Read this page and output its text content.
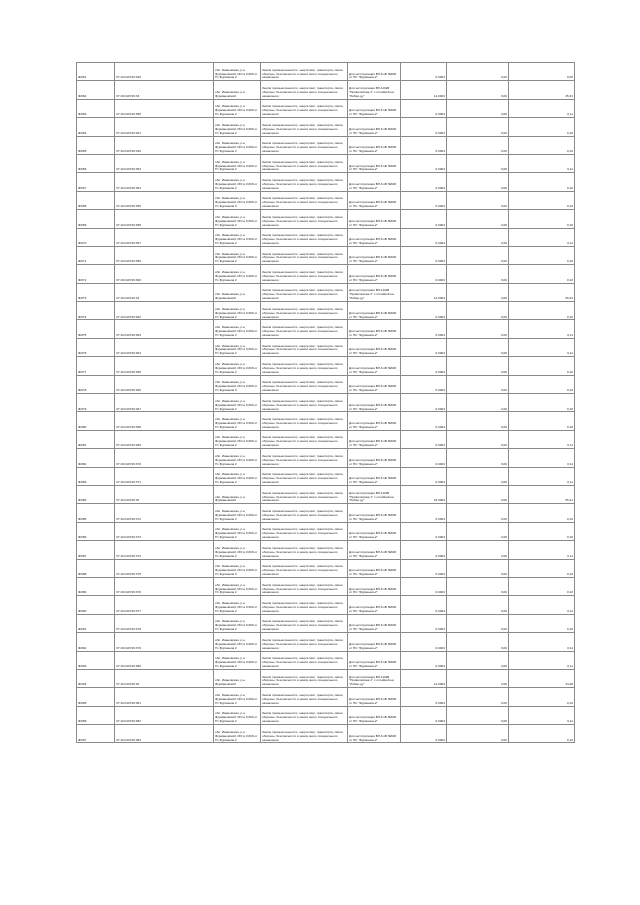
Ф/061	37:19:010726:349	обл. Ивановская, р-н Фурмановский, МО в 0,600 от ГС Фурманов 2	Земли промышленности, энергетики, транспорта, связи, обороны, безопасности и земли иного специального назначения	Для эксплуатации ВЛ-6 кВ №600 от ПС "Фурманов-2"	0,0004	2,00	0,00
Ф/062	37:19:010726:33	обл. Ивановская, р-н Фурмановский	Земли промышленности, энергетики, транспорта, связи, обороны, безопасности и земли иного специального назначения	Для эксплуатации ВЛ-110кВ "Приволжская-1" с отпайкой на "Либер-ду"	14,0004	0,00	35,31
Ф/063	37:19:010726:356	обл. Ивановская, р-н Фурмановский, МО в 0,600 от ГС Фурманов 2	Земли промышленности, энергетики, транспорта, связи, обороны, безопасности и земли иного специального назначения	Для эксплуатации ВЛ-6 кВ №600 от ПС "Фурманов-2"	0,0004	0,00	0,11
Ф/064	37:19:010726:361	обл. Ивановская, р-н Фурмановский, МО в 0,600 от ГС Фурманов 2	Земли промышленности, энергетики, транспорта, связи, обороны, безопасности и земли иного специального назначения	Для эксплуатации ВЛ-6 кВ №600 от ПС "Фурманов-2"	0,0004	0,00	0,10
Ф/065	37:19:010726:346	обл. Ивановская, р-н Фурмановский, МО в 0,600 от ГС Фурманов 2	Земли промышленности, энергетики, транспорта, связи, обороны, безопасности и земли иного специального назначения	Для эксплуатации ВЛ-6 кВ №600 от ПС "Фурманов-2"	0,0004	0,00	0,10
Ф/066	37:19:010726:353	обл. Ивановская, р-н Фурмановский, МО в 0,600 от ГС Фурманов 2	Земли промышленности, энергетики, транспорта, связи, обороны, безопасности и земли иного специального назначения	Для эксплуатации ВЛ-6 кВ №600 от ПС "Фурманов-2"	0,0004	0,00	0,11
Ф/067	37:19:010726:354	обл. Ивановская, р-н Фурмановский, МО в 0,600 от ГС Фурманов 2	Земли промышленности, энергетики, транспорта, связи, обороны, безопасности и земли иного специального назначения	Для эксплуатации ВЛ-6 кВ №600 от ПС "Фурманов-2"	0,0004	0,00	0,10
Ф/068	37:19:010726:355	обл. Ивановская, р-н Фурмановский, МО в 0,600 от ГС Фурманов 2	Земли промышленности, энергетики, транспорта, связи, обороны, безопасности и земли иного специального назначения	Для эксплуатации ВЛ-6 кВ №600 от ПС "Фурманов-2"	0,0004	0,00	0,10
Ф/069	37:19:010726:358	обл. Ивановская, р-н Фурмановский, МО в 0,600 от ГС Фурманов 2	Земли промышленности, энергетики, транспорта, связи, обороны, безопасности и земли иного специального назначения	Для эксплуатации ВЛ-6 кВ №600 от ПС "Фурманов-2"	0,0004	2,00	0,10
Ф/070	37:19:010726:357	обл. Ивановская, р-н Фурмановский, МО в 0,600 от ГС Фурманов 2	Земли промышленности, энергетики, транспорта, связи, обороны, безопасности и земли иного специального назначения	Для эксплуатации ВЛ-6 кВ №600 от ПС "Фурманов-2"	0,0004	2,00	0,11
Ф/071	37:19:010726:359	обл. Ивановская, р-н Фурмановский, МО в 0,600 от ГС Фурманов 2	Земли промышленности, энергетики, транспорта, связи, обороны, безопасности и земли иного специального назначения	Для эксплуатации ВЛ-6 кВ №600 от ПС "Фурманов-2"	0,0004	0,00	0,10
Ф/072	37:19:010726:360	обл. Ивановская, р-н Фурмановский, МО в 0,600 от ГС Фурманов 2	Земли промышленности, энергетики, транспорта, связи, обороны, безопасности и земли иного специального назначения	Для эксплуатации ВЛ-6 кВ №600 от ПС "Фурманов-2"	0,0004	0,00	0,10
Ф/073	37:19:010726:34	обл. Ивановская, р-н Фурмановский	Земли промышленности, энергетики, транспорта, связи, обороны, безопасности и земли иного специального назначения	Для эксплуатации ВЛ-110кВ "Приволжская-1" с отпайкой на "Либер-ду"	14,0004	0,00	36,34
Ф/074	37:19:010726:362	обл. Ивановская, р-н Фурмановский, МО в 0,600 от ГС Фурманов 2	Земли промышленности, энергетики, транспорта, связи, обороны, безопасности и земли иного специального назначения	Для эксплуатации ВЛ-6 кВ №600 от ПС "Фурманов-2"	0,0004	0,00	0,10
Ф/075	37:19:010726:363	обл. Ивановская, р-н Фурмановский, МО в 0,600 от ГС Фурманов 2	Земли промышленности, энергетики, транспорта, связи, обороны, безопасности и земли иного специального назначения	Для эксплуатации ВЛ-6 кВ №600 от ПС "Фурманов-2"	0,0004	0,00	0,11
Ф/076	37:19:010726:364	обл. Ивановская, р-н Фурмановский, МО в 0,600 от ГС Фурманов 2	Земли промышленности, энергетики, транспорта, связи, обороны, безопасности и земли иного специального назначения	Для эксплуатации ВЛ-6 кВ №600 от ПС "Фурманов-2"	0,0004	0,00	0,11
Ф/077	37:19:010726:365	обл. Ивановская, р-н Фурмановский, МО в 0,600 от ГС Фурманов 2	Земли промышленности, энергетики, транспорта, связи, обороны, безопасности и земли иного специального назначения	Для эксплуатации ВЛ-6 кВ №600 от ПС "Фурманов-2"	0,0004	0,00	0,10
Ф/078	37:19:010726:366	обл. Ивановская, р-н Фурмановский, МО в 0,600 от ГС Фурманов 2	Земли промышленности, энергетики, транспорта, связи, обороны, безопасности и земли иного специального назначения	Для эксплуатации ВЛ-6 кВ №600 от ПС "Фурманов-2"	0,0004	0,00	0,10
Ф/079	37:19:010726:367	обл. Ивановская, р-н Фурмановский, МО в 0,600 от ГС Фурманов 2	Земли промышленности, энергетики, транспорта, связи, обороны, безопасности и земли иного специального назначения	Для эксплуатации ВЛ-6 кВ №600 от ПС "Фурманов-2"	0,0004	2,00	0,10
Ф/080	37:19:010726:368	обл. Ивановская, р-н Фурмановский, МО в 0,600 от ГС Фурманов 2	Земли промышленности, энергетики, транспорта, связи, обороны, безопасности и земли иного специального назначения	Для эксплуатации ВЛ-6 кВ №600 от ПС "Фурманов-2"	0,0004	0,00	0,10
Ф/081	37:19:010726:369	обл. Ивановская, р-н Фурмановский, МО в 0,600 от ГС Фурманов 2	Земли промышленности, энергетики, транспорта, связи, обороны, безопасности и земли иного специального назначения	Для эксплуатации ВЛ-6 кВ №600 от ПС "Фурманов-2"	0,0004	0,00	0,11
Ф/082	37:19:010726:370	обл. Ивановская, р-н Фурмановский, МО в 0,600 от ГС Фурманов 2	Земли промышленности, энергетики, транспорта, связи, обороны, безопасности и земли иного специального назначения	Для эксплуатации ВЛ-6 кВ №600 от ПС "Фурманов-2"	0,0004	0,00	0,11
Ф/083	37:19:010726:371	обл. Ивановская, р-н Фурмановский, МО в 0,600 от ГС Фурманов 2	Земли промышленности, энергетики, транспорта, связи, обороны, безопасности и земли иного специального назначения	Для эксплуатации ВЛ-6 кВ №600 от ПС "Фурманов-2"	0,0004	0,00	0,11
Ф/084	37:19:010726:35	обл. Ивановская, р-н Фурмановский	Земли промышленности, энергетики, транспорта, связи, обороны, безопасности и земли иного специального назначения	Для эксплуатации ВЛ-110кВ "Приволжская-1" с отпайкой на "Либер-ду"	19,0004	0,00	35,31
Ф/085	37:19:010726:372	обл. Ивановская, р-н Фурмановский, МО в 0,600 от ГС Фурманов 2	Земли промышленности, энергетики, транспорта, связи, обороны, безопасности и земли иного специального назначения	Для эксплуатации ВЛ-6 кВ №600 от ПС "Фурманов-2"	0,0004	0,00	0,10
Ф/086	37:19:010726:373	обл. Ивановская, р-н Фурмановский, МО в 0,600 от ГС Фурманов 2	Земли промышленности, энергетики, транспорта, связи, обороны, безопасности и земли иного специального назначения	Для эксплуатации ВЛ-6 кВ №600 от ПС "Фурманов-2"	0,0004	2,00	0,10
Ф/087	37:19:010726:374	обл. Ивановская, р-н Фурмановский, МО в 0,600 от ГС Фурманов 2	Земли промышленности, энергетики, транспорта, связи, обороны, безопасности и земли иного специального назначения	Для эксплуатации ВЛ-6 кВ №600 от ПС "Фурманов-2"	0,0004	2,00	0,11
Ф/088	37:19:010726:375	обл. Ивановская, р-н Фурмановский, МО в 0,600 от ГС Фурманов 2	Земли промышленности, энергетики, транспорта, связи, обороны, безопасности и земли иного специального назначения	Для эксплуатации ВЛ-6 кВ №600 от ПС "Фурманов-2"	0,0004	0,00	0,10
Ф/089	37:19:010726:376	обл. Ивановская, р-н Фурмановский, МО в 0,600 от ГС Фурманов 2	Земли промышленности, энергетики, транспорта, связи, обороны, безопасности и земли иного специального назначения	Для эксплуатации ВЛ-6 кВ №600 от ПС "Фурманов-2"	0,0004	0,00	0,10
Ф/090	37:19:010726:377	обл. Ивановская, р-н Фурмановский, МО в 0,600 от ГС Фурманов 2	Земли промышленности, энергетики, транспорта, связи, обороны, безопасности и земли иного специального назначения	Для эксплуатации ВЛ-6 кВ №600 от ПС "Фурманов-2"	0,0004	0,00	0,11
Ф/091	37:19:010726:378	обл. Ивановская, р-н Фурмановский, МО в 0,600 от ГС Фурманов 2	Земли промышленности, энергетики, транспорта, связи, обороны, безопасности и земли иного специального назначения	Для эксплуатации ВЛ-6 кВ №600 от ПС "Фурманов-2"	0,0004	0,00	0,10
Ф/092	37:19:010726:379	обл. Ивановская, р-н Фурмановский, МО в 0,600 от ГС Фурманов 2	Земли промышленности, энергетики, транспорта, связи, обороны, безопасности и земли иного специального назначения	Для эксплуатации ВЛ-6 кВ №600 от ПС "Фурманов-2"	0,0004	0,00	0,11
Ф/093	37:19:010726:380	обл. Ивановская, р-н Фурмановский, МО в 0,600 от ГС Фурманов 2	Земли промышленности, энергетики, транспорта, связи, обороны, безопасности и земли иного специального назначения	Для эксплуатации ВЛ-6 кВ №600 от ПС "Фурманов-2"	0,0004	0,00	0,11
Ф/094	37:19:010726:36	обл. Ивановская, р-н Фурмановский	Земли промышленности, энергетики, транспорта, связи, обороны, безопасности и земли иного специального назначения	Для эксплуатации ВЛ-110кВ "Приволжская-1" с отпайкой на "Либер-ду"	14,0004	2,00	34,28
Ф/095	37:19:010726:381	обл. Ивановская, р-н Фурмановский, МО в 0,600 от ГС Фурманов 2	Земли промышленности, энергетики, транспорта, связи, обороны, безопасности и земли иного специального назначения	Для эксплуатации ВЛ-6 кВ №600 от ПС "Фурманов-2"	0,0004	0,00	0,10
Ф/096	37:19:010726:382	обл. Ивановская, р-н Фурмановский, МО в 0,600 от ГС Фурманов 2	Земли промышленности, энергетики, транспорта, связи, обороны, безопасности и земли иного специального назначения	Для эксплуатации ВЛ-6 кВ №600 от ПС "Фурманов-2"	0,0004	0,00	0,11
Ф/097	37:19:010726:383	обл. Ивановская, р-н Фурмановский, МО в 0,600 от ГС Фурманов 2	Земли промышленности, энергетики, транспорта, связи, обороны, безопасности и земли иного специального назначения	Для эксплуатации ВЛ-6 кВ №600 от ПС "Фурманов-2"	0,0004	0,00	0,10
